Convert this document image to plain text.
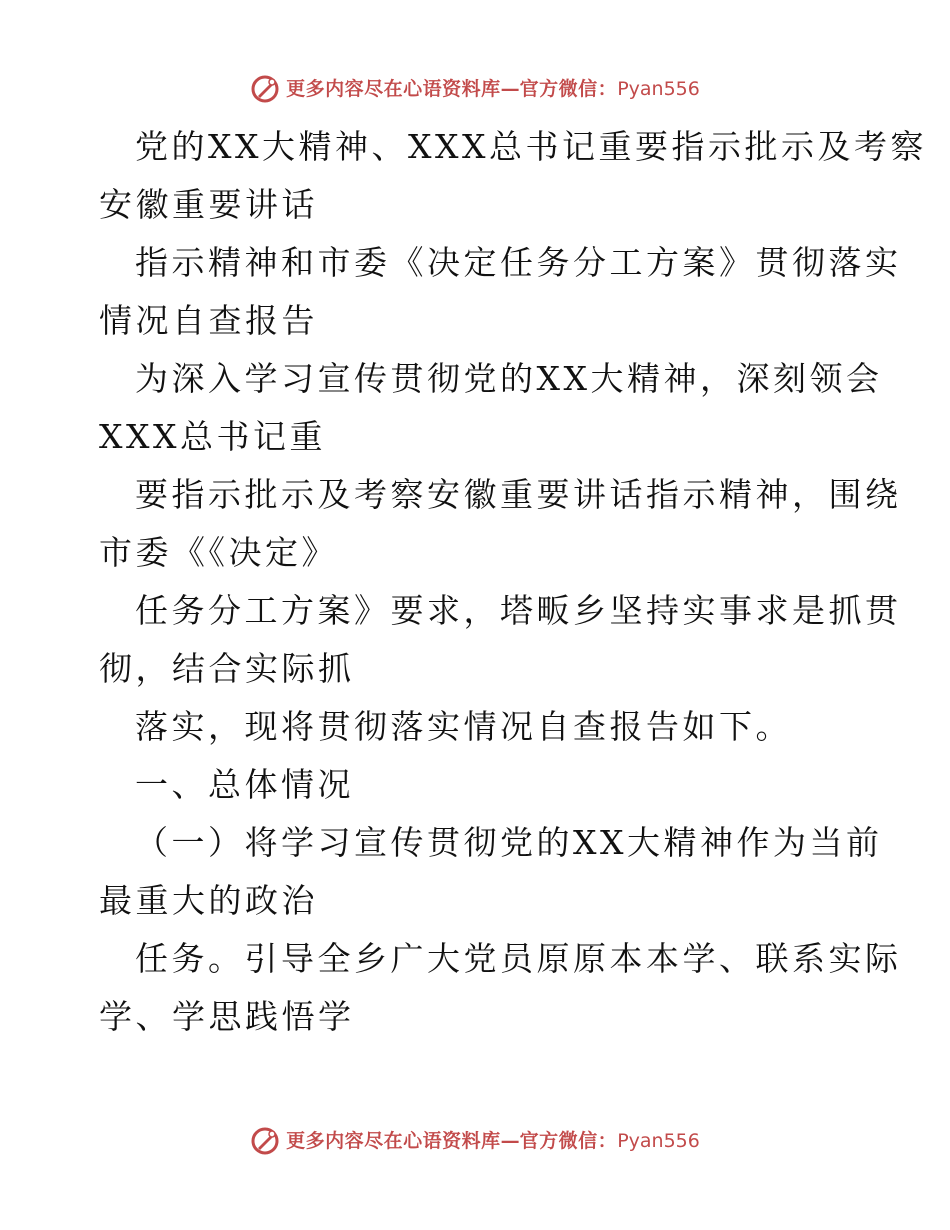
更多内容尽在心语资料库 — 官方微信： Pyan556

党的XX大精神、XXX总书记重要指示批示及考察
安徽重要讲话

指示精神和市委《决定任务分工方案》贯彻落实
情况自查报告

为深入学习宣传贯彻党的XX大精神，深刻领会
XXX总书记重

要指示批示及考察安徽重要讲话指示精神，围绕
市委《《决定》

任务分工方案》要求，塔畈乡坚持实事求是抓贯
彻，结合实际抓

落实，现将贯彻落实情况自查报告如下。

一、总体情况

（一）将学习宣传贯彻党的XX大精神作为当前
最重大的政治

任务。引导全乡广大党员原原本本学、联系实际
学、学思践悟学

更多内容尽在心语资料库 — 官方微信： Pyan556
